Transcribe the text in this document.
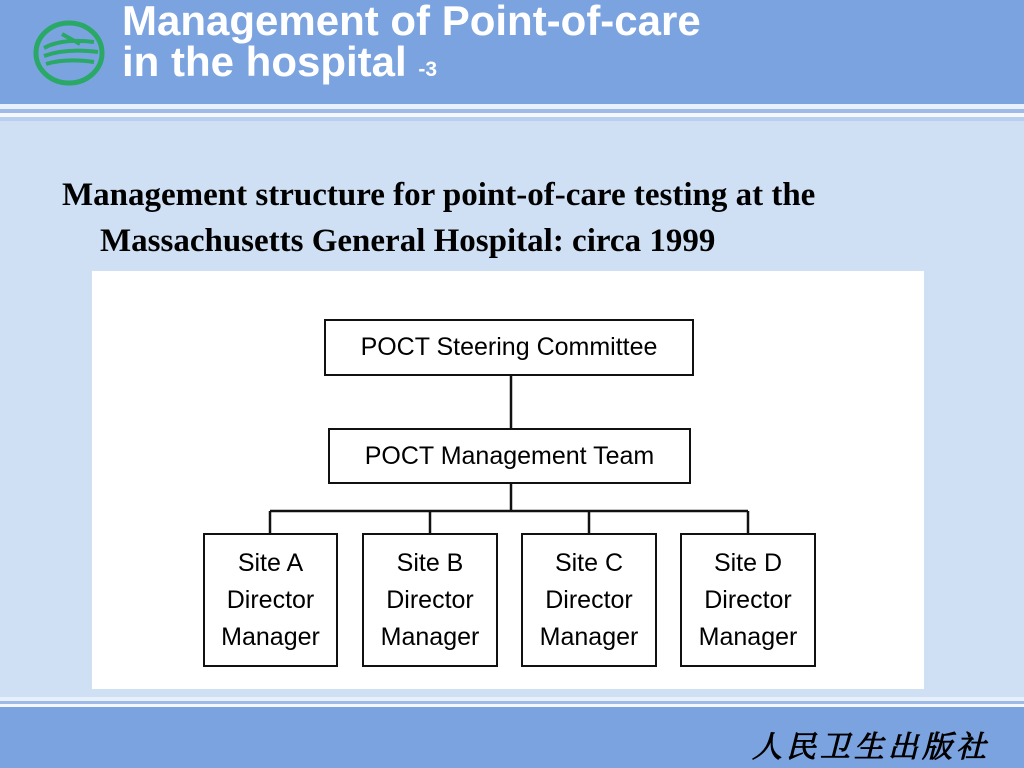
Management of Point-of-care
in the hospital -3

Management structure for point-of-care testing at the Massachusetts General Hospital: circa 1999

POCT Steering Committee
POCT Management Team
Site A
Director
Manager
Site B
Director
Manager
Site C
Director
Manager
Site D
Director
Manager

人民卫生出版社
